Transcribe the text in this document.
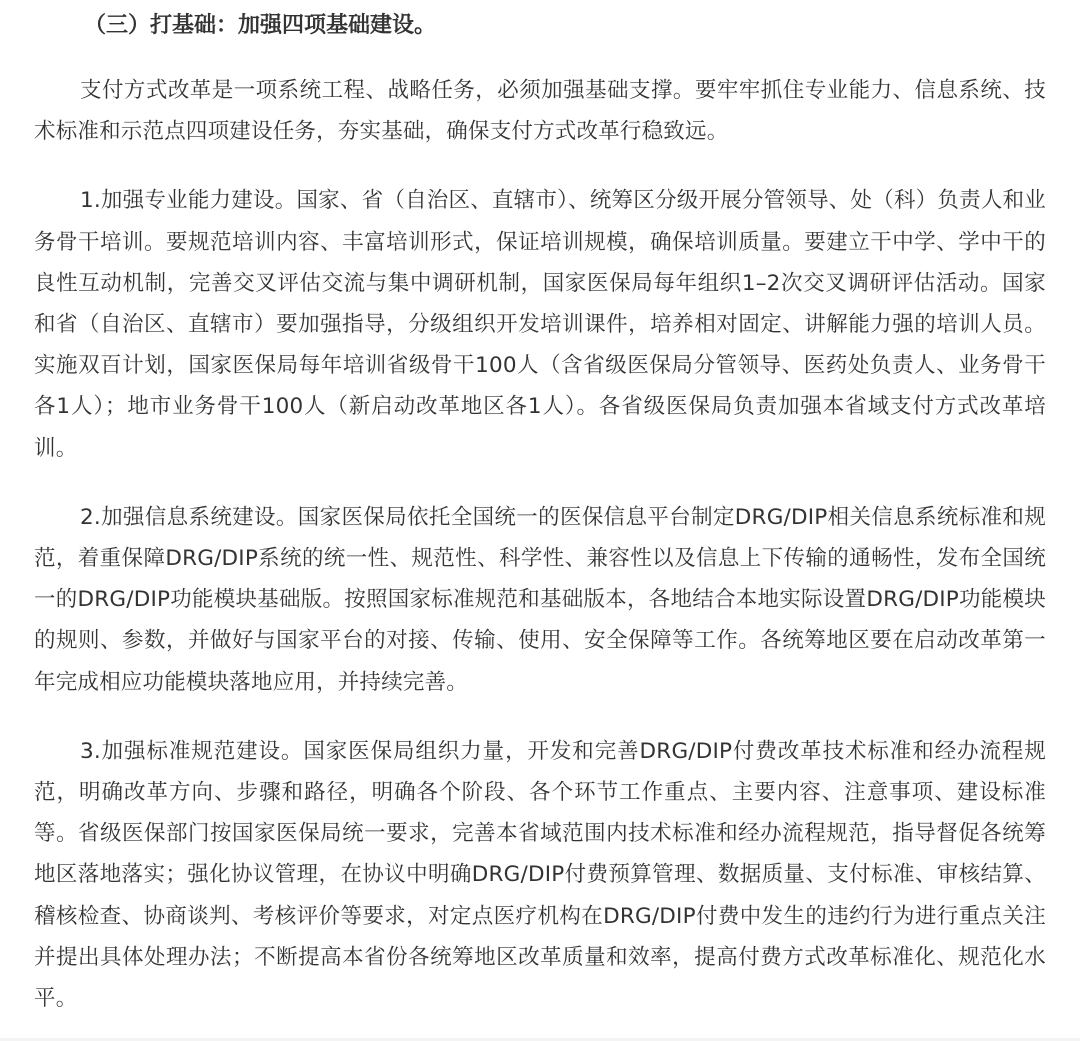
（三）打基础：加强四项基础建设。

支付方式改革是一项系统工程、战略任务，必须加强基础支撑。要牢牢抓住专业能力、信息系统、技术标准和示范点四项建设任务，夯实基础，确保支付方式改革行稳致远。

1.加强专业能力建设。国家、省（自治区、直辖市）、统筹区分级开展分管领导、处（科）负责人和业务骨干培训。要规范培训内容、丰富培训形式，保证培训规模，确保培训质量。要建立干中学、学中干的良性互动机制，完善交叉评估交流与集中调研机制，国家医保局每年组织1–2次交叉调研评估活动。国家和省（自治区、直辖市）要加强指导，分级组织开发培训课件，培养相对固定、讲解能力强的培训人员。实施双百计划，国家医保局每年培训省级骨干100人（含省级医保局分管领导、医药处负责人、业务骨干各1人）；地市业务骨干100人（新启动改革地区各1人）。各省级医保局负责加强本省域支付方式改革培训。

2.加强信息系统建设。国家医保局依托全国统一的医保信息平台制定DRG/DIP相关信息系统标准和规范，着重保障DRG/DIP系统的统一性、规范性、科学性、兼容性以及信息上下传输的通畅性，发布全国统一的DRG/DIP功能模块基础版。按照国家标准规范和基础版本，各地结合本地实际设置DRG/DIP功能模块的规则、参数，并做好与国家平台的对接、传输、使用、安全保障等工作。各统筹地区要在启动改革第一年完成相应功能模块落地应用，并持续完善。

3.加强标准规范建设。国家医保局组织力量，开发和完善DRG/DIP付费改革技术标准和经办流程规范，明确改革方向、步骤和路径，明确各个阶段、各个环节工作重点、主要内容、注意事项、建设标准等。省级医保部门按国家医保局统一要求，完善本省域范围内技术标准和经办流程规范，指导督促各统筹地区落地落实；强化协议管理，在协议中明确DRG/DIP付费预算管理、数据质量、支付标准、审核结算、稽核检查、协商谈判、考核评价等要求，对定点医疗机构在DRG/DIP付费中发生的违约行为进行重点关注并提出具体处理办法；不断提高本省份各统筹地区改革质量和效率，提高付费方式改革标准化、规范化水平。
